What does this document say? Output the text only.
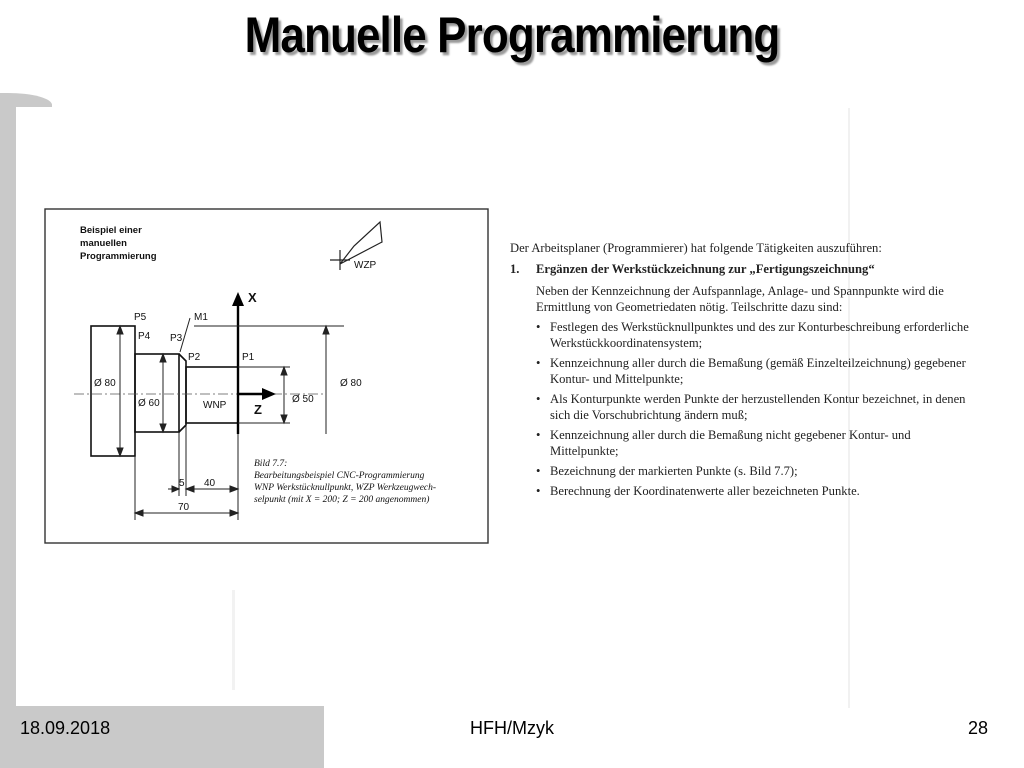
Manuelle Programmierung
Beispiel einer
manuellen
Programmierung
WZP
X
Z
P5
P4 P3
M1
P2	P1
WNP
Ø 80
Ø 60	Ø 50
Ø 80
5 40
70
Bild 7.7:
Bearbeitungsbeispiel CNC-Programmierung
WNP Werkstücknullpunkt, WZP Werkzeugwech-
selpunkt (mit X = 200; Z = 200 angenommen)

Der Arbeitsplaner (Programmierer) hat folgende Tätigkeiten auszuführen:

1. Ergänzen der Werkstückzeichnung zur „Fertigungszeichnung“
Neben der Kennzeichnung der Aufspannlage, Anlage- und Spannpunkte wird die Ermittlung von Geometriedaten nötig. Teilschritte dazu sind:
• Festlegen des Werkstücknullpunktes und des zur Konturbeschreibung erforderliche Werkstückkoordinatensystem;
• Kennzeichnung aller durch die Bemaßung (gemäß Einzelteilzeichnung) gegebener Kontur- und Mittelpunkte;
• Als Konturpunkte werden Punkte der herzustellenden Kontur bezeichnet, in denen sich die Vorschubrichtung ändern muß;
• Kennzeichnung aller durch die Bemaßung nicht gegebener Kontur- und Mittelpunkte;
• Bezeichnung der markierten Punkte (s. Bild 7.7);
• Berechnung der Koordinatenwerte aller bezeichneten Punkte.
18.09.2018	HFH/Mzyk	28
